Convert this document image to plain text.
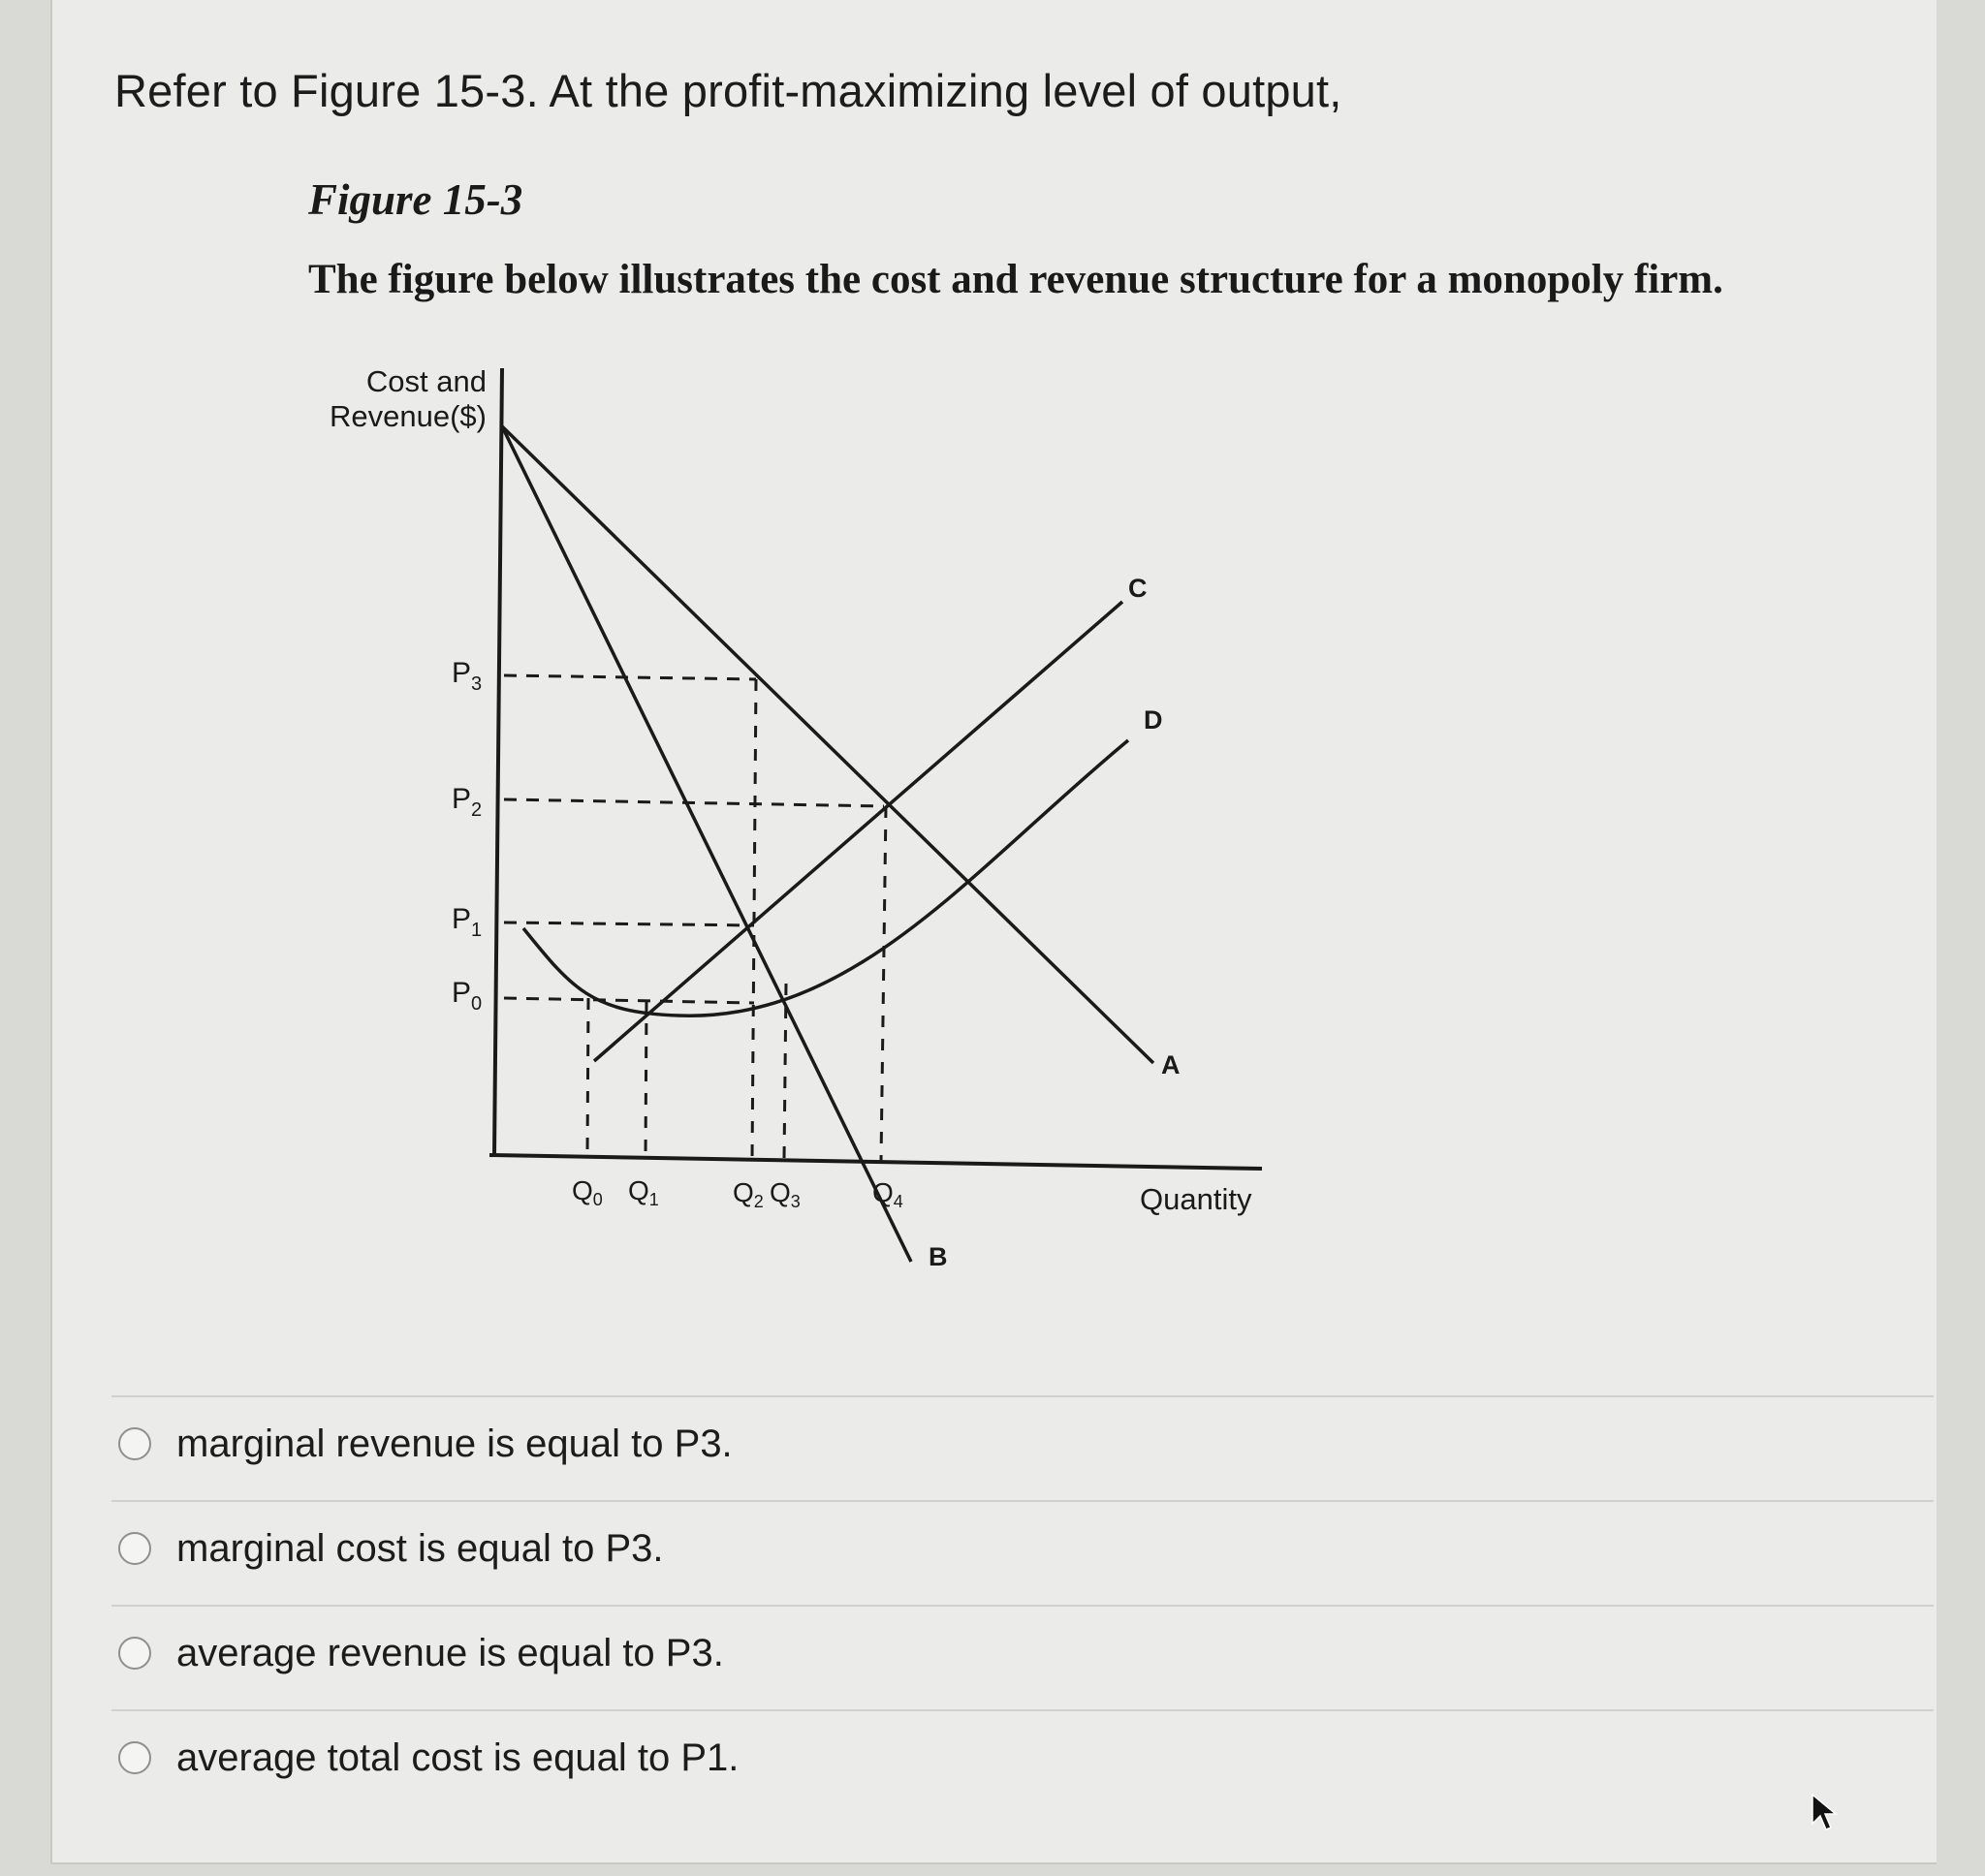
Refer to Figure 15-3. At the profit-maximizing level of output,
Figure 15-3

The figure below illustrates the cost and revenue structure for a monopoly firm.

Cost and
Revenue($)
Quantity
A
B
C
D
$P_3$
$P_2$
$P_1$
$P_0$
$Q_0$ $Q_1$	$Q_2$ $Q_3$	$Q_4$
marginal revenue is equal to P3.
marginal cost is equal to P3.
average revenue is equal to P3.
average total cost is equal to P1.
